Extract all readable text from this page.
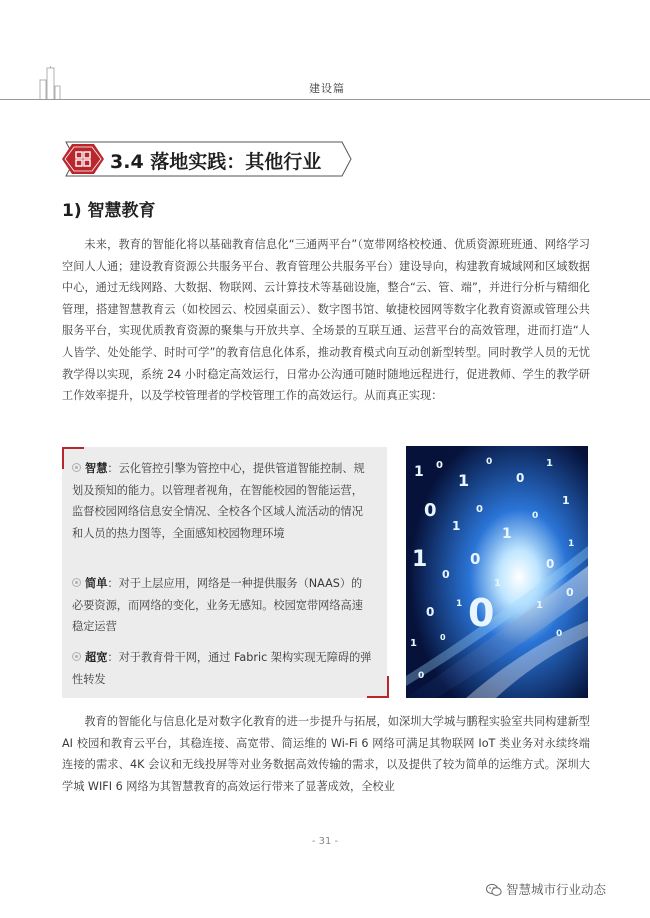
建设篇
3.4 落地实践：其他行业
1) 智慧教育

未来，教育的智能化将以基础教育信息化“三通两平台”（宽带网络校校通、优质资源班班通、网络学习空间人人通；建设教育资源公共服务平台、教育管理公共服务平台）建设导向，构建教育城域网和区域数据中心，通过无线网路、大数据、物联网、云计算技术等基础设施，整合“云、管、端”，并进行分析与精细化管理，搭建智慧教育云（如校园云、校园桌面云）、数字图书馆、敏捷校园网等数字化教育资源或管理公共服务平台，实现优质教育资源的聚集与开放共享、全场景的互联互通、运营平台的高效管理，进而打造“人人皆学、处处能学、时时可学”的教育信息化体系，推动教育模式向互动创新型转型。同时教学人员的无忧教学得以实现，系统 24 小时稳定高效运行，日常办公沟通可随时随地远程进行，促进教师、学生的教学研工作效率提升，以及学校管理者的学校管理工作的高效运行。从而真正实现：

智慧：云化管控引擎为管控中心，提供管道智能控制、规划及预知的能力。以管理者视角，在智能校园的智能运营，监督校园网络信息安全情况、全校各个区域人流活动的情况和人员的热力图等，全面感知校园物理环境
简单：对于上层应用，网络是一种提供服务（NAAS）的必要资源，而网络的变化，业务无感知。校园宽带网络高速稳定运营
超宽：对于教育骨干网，通过 Fabric 架构实现无障碍的弹性转发
1 0
1
0
0
1
0
1
0
1
0
1
1
0
0
1
0
1
0
1	1
0
1
0
0	0
0

教育的智能化与信息化是对数字化教育的进一步提升与拓展，如深圳大学城与鹏程实验室共同构建新型 AI 校园和教育云平台，其稳连接、高宽带、简运维的 Wi-Fi 6 网络可满足其物联网 IoT 类业务对永续终端连接的需求、4K 会议和无线投屏等对业务数据高效传输的需求，以及提供了较为简单的运维方式。深圳大学城 WIFI 6 网络为其智慧教育的高效运行带来了显著成效，全校业

- 31 -
智慧城市行业动态
